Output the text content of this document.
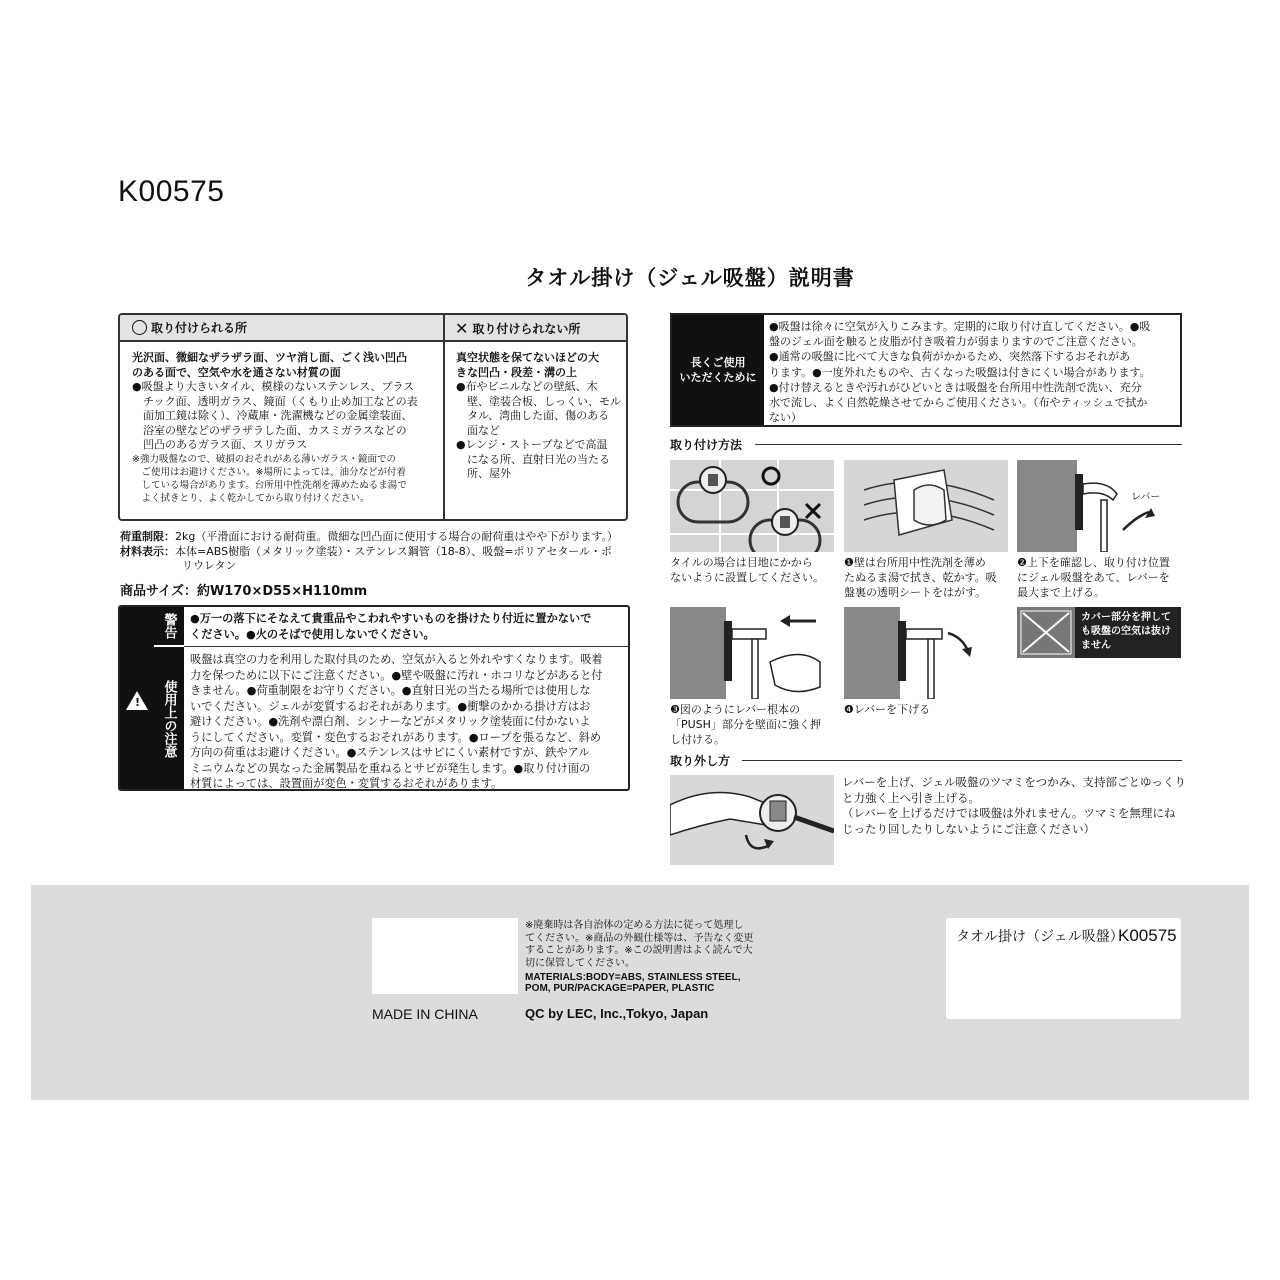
K00575
タオル掛け（ジェル吸盤）説明書
取り付けられる所	✕ 取り付けられない所
光沢面、微細なザラザラ面、ツヤ消し面、ごく浅い凹凸
のある面で、空気や水を通さない材質の面
●吸盤より大きいタイル、模様のないステンレス、プラス
　チック面、透明ガラス、鏡面（くもり止め加工などの表
　面加工鏡は除く）、冷蔵庫・洗濯機などの金属塗装面、
　浴室の壁などのザラザラした面、カスミガラスなどの
　凹凸のあるガラス面、スリガラス
※強力吸盤なので、破損のおそれがある薄いガラス・鏡面での
　ご使用はお避けください。※場所によっては、油分などが付着
　している場合があります。台所用中性洗剤を薄めたぬるま湯で
　よく拭きとり、よく乾かしてから取り付けください。
真空状態を保てないほどの大
きな凹凸・段差・溝の上
●布やビニルなどの壁紙、木
　壁、塗装合板、しっくい、モル
　タル、湾曲した面、傷のある
　面など
●レンジ・ストーブなどで高温
　になる所、直射日光の当たる
　所、屋外
荷重制限：2kg（平滑面における耐荷重。微細な凹凸面に使用する場合の耐荷重はやや下がります。）
材料表示：本体=ABS樹脂（メタリック塗装）・ステンレス鋼管（18-8）、吸盤=ポリアセタール・ポ
リウレタン
商品サイズ：約W170×D55×H110mm
!
警告
使用上の注意
●万一の落下にそなえて貴重品やこわれやすいものを掛けたり付近に置かないで
ください。●火のそばで使用しないでください。
吸盤は真空の力を利用した取付具のため、空気が入ると外れやすくなります。吸着
力を保つために以下にご注意ください。●壁や吸盤に汚れ・ホコリなどがあると付
きません。●荷重制限をお守りください。●直射日光の当たる場所では使用しな
いでください。ジェルが変質するおそれがあります。●衝撃のかかる掛け方はお
避けください。●洗剤や漂白剤、シンナーなどがメタリック塗装面に付かないよ
うにしてください。変質・変色するおそれがあります。●ロープを張るなど、斜め
方向の荷重はお避けください。●ステンレスはサビにくい素材ですが、鉄やアル
ミニウムなどの異なった金属製品を重ねるとサビが発生します。●取り付け面の
材質によっては、設置面が変色・変質するおそれがあります。
長くご使用
いただくために
●吸盤は徐々に空気が入りこみます。定期的に取り付け直してください。●吸
盤のジェル面を触ると皮脂が付き吸着力が弱まりますのでご注意ください。
●通常の吸盤に比べて大きな負荷がかかるため、突然落下するおそれがあ
ります。●一度外れたものや、古くなった吸盤は付きにくい場合があります。
●付け替えるときや汚れがひどいときは吸盤を台所用中性洗剤で洗い、充分
水で流し、よく自然乾燥させてからご使用ください。（布やティッシュで拭か
ない）
取り付け方法
タイルの場合は目地にかから
ないように設置してください。
❶壁は台所用中性洗剤を薄め
たぬるま湯で拭き、乾かす。吸
盤裏の透明シートをはがす。
レバー
❷上下を確認し、取り付け位置
にジェル吸盤をあて、レバーを
最大まで上げる。
❸図のようにレバー根本の
「PUSH」部分を壁面に強く押
し付ける。
❹レバーを下げる
カバー部分を押して
も吸盤の空気は抜け
ません
取り外し方
レバーを上げ、ジェル吸盤のツマミをつかみ、支持部ごとゆっくり
と力強く上へ引き上げる。
（レバーを上げるだけでは吸盤は外れません。ツマミを無理にね
じったり回したりしないようにご注意ください）
※廃棄時は各自治体の定める方法に従って処理し
てください。※商品の外観仕様等は、予告なく変更
することがあります。※この説明書はよく読んで大
切に保管してください。
MATERIALS:BODY=ABS, STAINLESS STEEL,
POM, PUR/PACKAGE=PAPER, PLASTIC
MADE IN CHINA	QC by LEC, Inc.,Tokyo, Japan
タオル掛け（ジェル吸盤）
K00575
